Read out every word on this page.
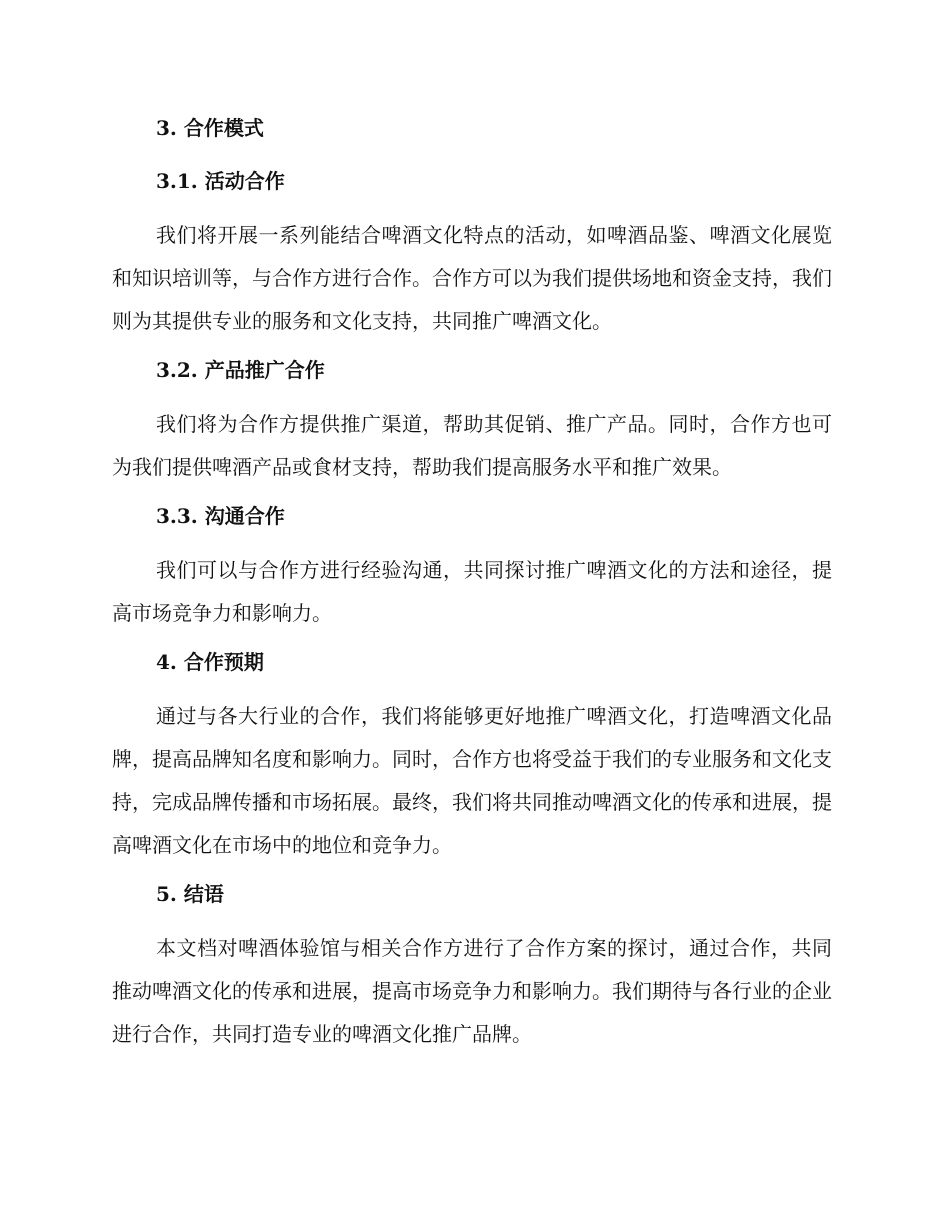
3. 合作模式
3.1. 活动合作

我们将开展一系列能结合啤酒文化特点的活动，如啤酒品鉴、啤酒文化展览和知识培训等，与合作方进行合作。合作方可以为我们提供场地和资金支持，我们则为其提供专业的服务和文化支持，共同推广啤酒文化。

3.2. 产品推广合作

我们将为合作方提供推广渠道，帮助其促销、推广产品。同时，合作方也可为我们提供啤酒产品或食材支持，帮助我们提高服务水平和推广效果。

3.3. 沟通合作

我们可以与合作方进行经验沟通，共同探讨推广啤酒文化的方法和途径，提高市场竞争力和影响力。

4. 合作预期

通过与各大行业的合作，我们将能够更好地推广啤酒文化，打造啤酒文化品牌，提高品牌知名度和影响力。同时，合作方也将受益于我们的专业服务和文化支持，完成品牌传播和市场拓展。最终，我们将共同推动啤酒文化的传承和进展，提高啤酒文化在市场中的地位和竞争力。

5. 结语

本文档对啤酒体验馆与相关合作方进行了合作方案的探讨，通过合作，共同推动啤酒文化的传承和进展，提高市场竞争力和影响力。我们期待与各行业的企业进行合作，共同打造专业的啤酒文化推广品牌。
